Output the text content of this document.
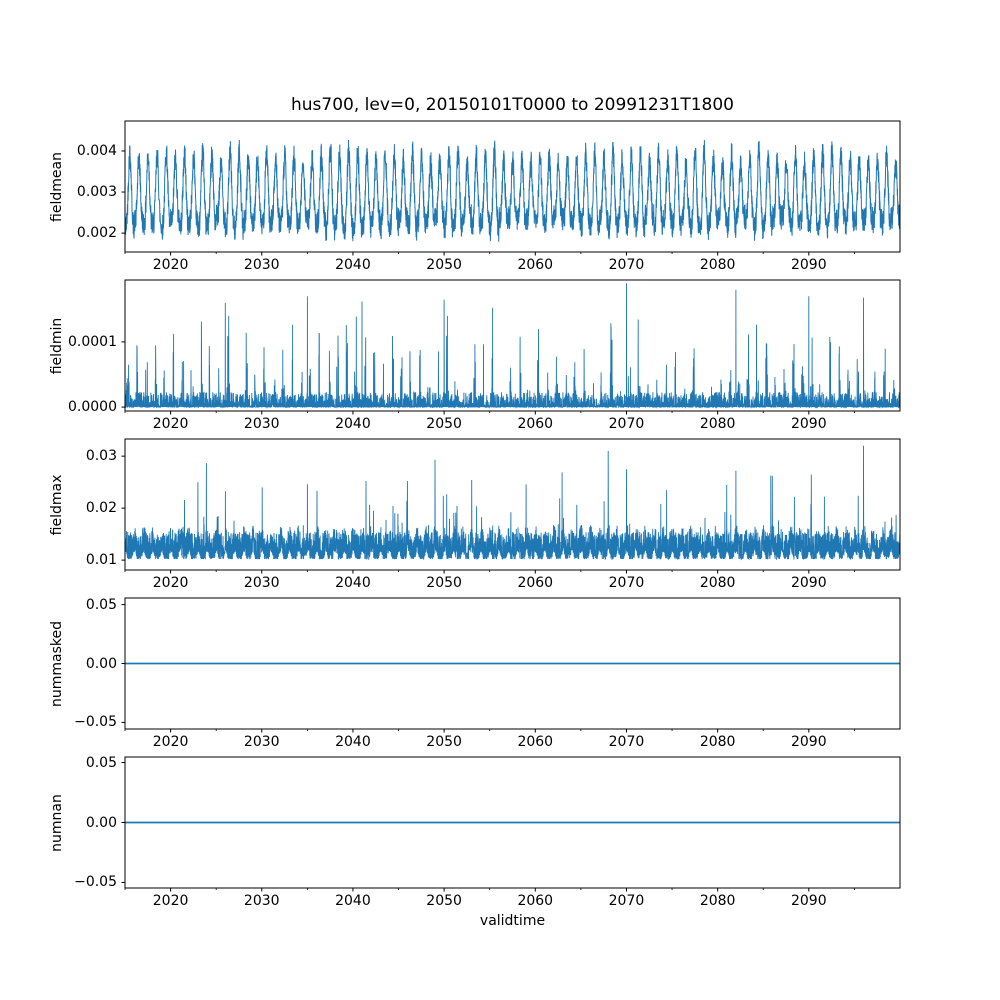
hus700, lev=0, 20150101T0000 to 20991231T1800
fieldmean
fieldmin
fieldmax
nummasked
numnan
validtime
2020	2030	2040	2050	2060	2070	2080	2090
0.002
0.003
0.004
2020	2030	2040	2050	2060	2070	2080	2090
0.0000
0.0001
2020	2030	2040	2050	2060	2070	2080	2090
0.01
0.02
0.03
2020	2030	2040	2050	2060	2070	2080	2090
−0.05
0.00
0.05
2020	2030	2040	2050	2060	2070	2080	2090
−0.05
0.00
0.05
